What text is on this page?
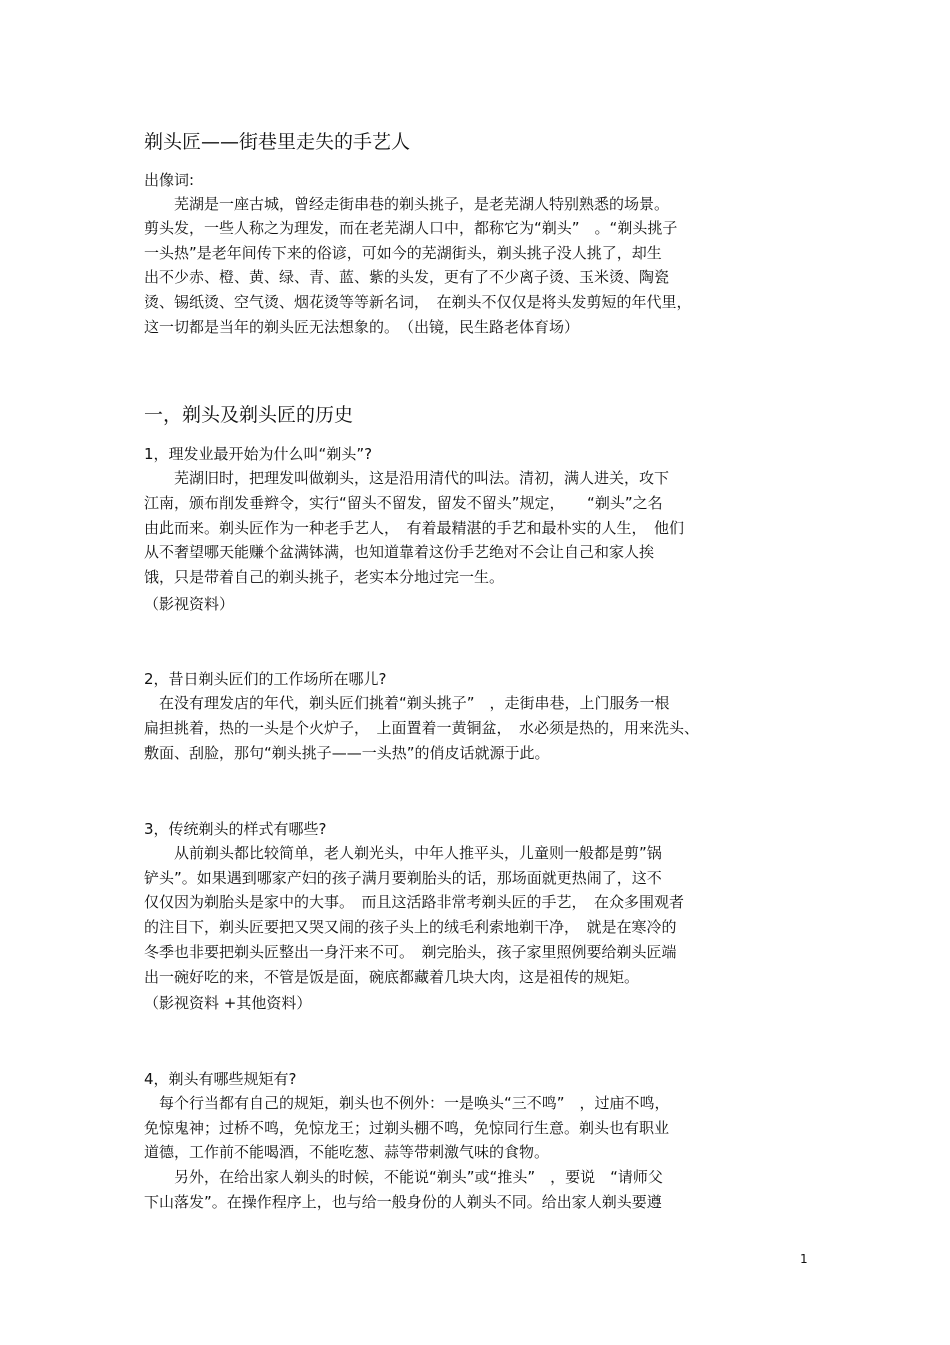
剃头匠——街巷里走失的手艺人
出像词:
　　芜湖是一座古城，曾经走街串巷的剃头挑子，是老芜湖人特别熟悉的场景。
剪头发，一些人称之为理发，而在老芜湖人口中，都称它为“剃头”　。“剃头挑子
一头热”是老年间传下来的俗谚，可如今的芜湖街头，剃头挑子没人挑了，却生
出不少赤、橙、黄、绿、青、蓝、紫的头发，更有了不少离子烫、玉米烫、陶瓷
烫、锡纸烫、空气烫、烟花烫等等新名词，　在剃头不仅仅是将头发剪短的年代里，
这一切都是当年的剃头匠无法想象的。　（出镜，民生路老体育场）
一，剃头及剃头匠的历史
1，理发业最开始为什么叫“剃头”?
　　芜湖旧时，把理发叫做剃头，这是沿用清代的叫法。清初，满人进关，攻下
江南，颁布削发垂辫令，实行“留头不留发，留发不留头”规定，　　“剃头”之名
由此而来。剃头匠作为一种老手艺人，　有着最精湛的手艺和最朴实的人生，　他们
从不奢望哪天能赚个盆满钵满，也知道靠着这份手艺绝对不会让自己和家人挨
饿，只是带着自己的剃头挑子，老实本分地过完一生。
（影视资料）
2，昔日剃头匠们的工作场所在哪儿?
　在没有理发店的年代，剃头匠们挑着“剃头挑子”　，走街串巷，上门服务一根
扁担挑着，热的一头是个火炉子，　上面置着一黄铜盆，　水必须是热的，用来洗头、
敷面、刮脸，那句“剃头挑子——一头热”的俏皮话就源于此。
3，传统剃头的样式有哪些?
　　从前剃头都比较简单，老人剃光头，中年人推平头，儿童则一般都是剪”锅
铲头”。如果遇到哪家产妇的孩子满月要剃胎头的话，那场面就更热闹了，这不
仅仅因为剃胎头是家中的大事。　而且这活路非常考剃头匠的手艺，　在众多围观者
的注目下，剃头匠要把又哭又闹的孩子头上的绒毛利索地剃干净，　就是在寒冷的
冬季也非要把剃头匠整出一身汗来不可。　剃完胎头，孩子家里照例要给剃头匠端
出一碗好吃的来，不管是饭是面，碗底都藏着几块大肉，这是祖传的规矩。
（影视资料 +其他资料）
4，剃头有哪些规矩有?
　每个行当都有自己的规矩，剃头也不例外：一是唤头“三不鸣”　，过庙不鸣，
免惊鬼神；过桥不鸣，免惊龙王；过剃头棚不鸣，免惊同行生意。剃头也有职业
道德，工作前不能喝酒，不能吃葱、蒜等带刺激气味的食物。
　　另外，在给出家人剃头的时候，不能说“剃头”或“推头”　，要说　“请师父
下山落发”。在操作程序上，也与给一般身份的人剃头不同。给出家人剃头要遵
1
